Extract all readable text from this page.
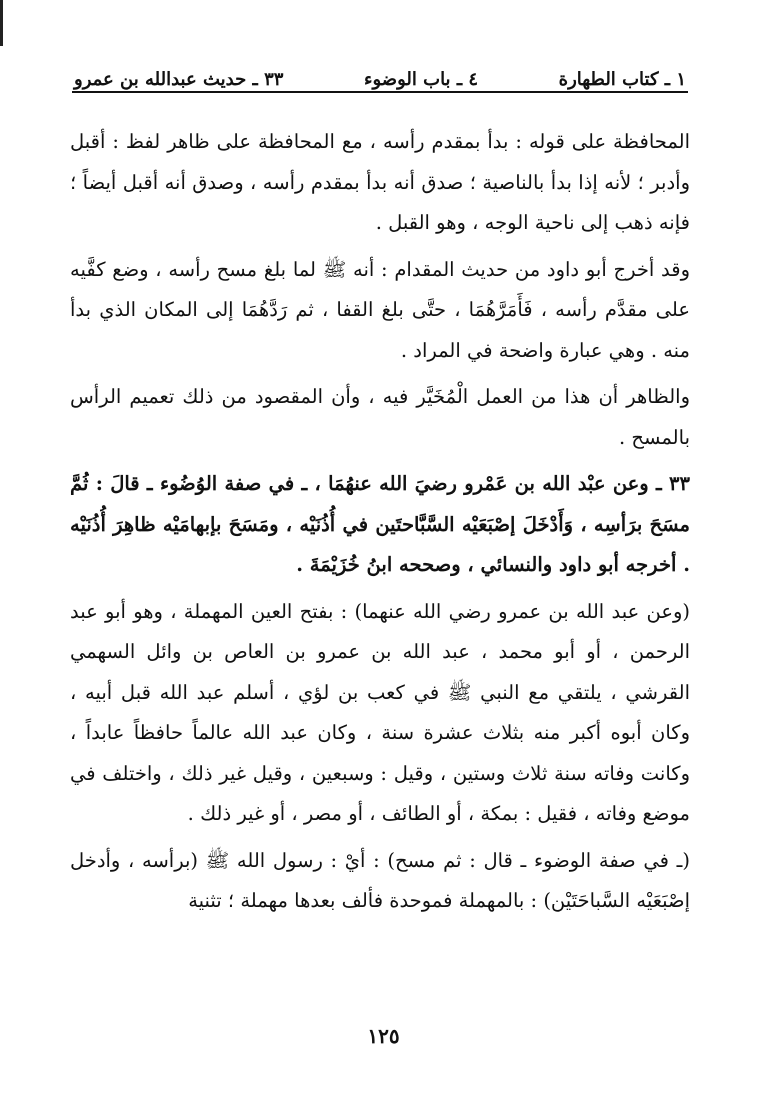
١ ـ كتاب الطهارة
٤ ـ باب الوضوء
٣٣ ـ حديث عبدالله بن عمرو

المحافظة على قوله : بدأ بمقدم رأسه ، مع المحافظة على ظاهر لفظ : أقبل وأدبر ؛ لأنه إذا بدأ بالناصية ؛ صدق أنه بدأ بمقدم رأسه ، وصدق أنه أقبل أيضاً ؛ فإنه ذهب إلى ناحية الوجه ، وهو القبل .

وقد أخرج أبو داود من حديث المقدام : أنه ﷺ لما بلغ مسح رأسه ، وضع كفَّيه على مقدَّم رأسه ، فَأَمَرَّهُمَا ، حتَّى بلغ القفا ، ثم رَدَّهُمَا إلى المكان الذي بدأ منه . وهي عبارة واضحة في المراد .

والظاهر أن هذا من العمل الْمُخَيَّر فيه ، وأن المقصود من ذلك تعميم الرأس بالمسح .

٣٣ ـ وعن عبْد الله بن عَمْرو رضيَ الله عنهُمَا ، ـ في صفة الوُضُوء ـ قالَ : ثُمَّ مسَحَ برَأسِه ، وَأَدْخَلَ إصْبَعَيْه السَّبَّاحتَين في أُذُنَيْه ، ومَسَحَ بإبهامَيْه ظاهِرَ أُذُنَيْه . أخرجه أبو داود والنسائي ، وصححه ابنُ خُزَيْمَةَ .

(وعن عبد الله بن عمرو رضي الله عنهما) : بفتح العين المهملة ، وهو أبو عبد الرحمن ، أو أبو محمد ، عبد الله بن عمرو بن العاص بن وائل السهمي القرشي ، يلتقي مع النبي ﷺ في كعب بن لؤي ، أسلم عبد الله قبل أبيه ، وكان أبوه أكبر منه بثلاث عشرة سنة ، وكان عبد الله عالماً حافظاً عابداً ، وكانت وفاته سنة ثلاث وستين ، وقيل : وسبعين ، وقيل غير ذلك ، واختلف في موضع وفاته ، فقيل : بمكة ، أو الطائف ، أو مصر ، أو غير ذلك .

(ـ في صفة الوضوء ـ قال : ثم مسح) : أيْ : رسول الله ﷺ (برأسه ، وأدخل إصْبَعَيْه السَّباحَتَيْن) : بالمهملة فموحدة فألف بعدها مهملة ؛ تثنية

١٢٥
